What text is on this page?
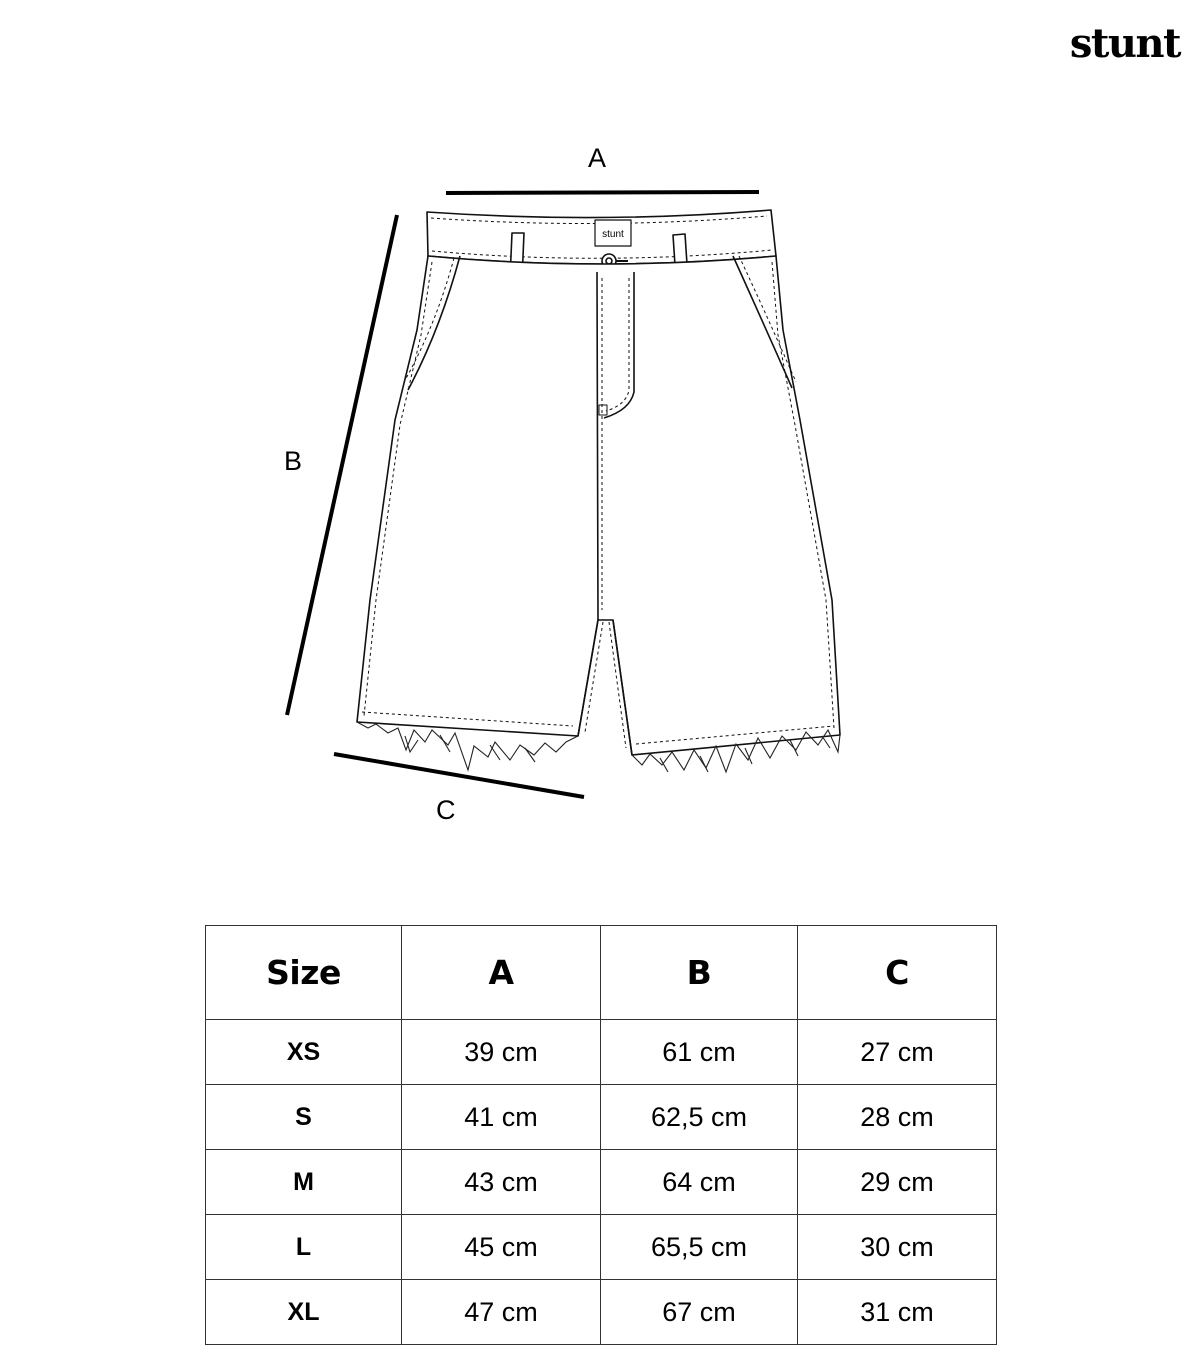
stunt
stunt
A
B
C
Size	A	B	C
XS	39 cm	61 cm	27 cm
S	41 cm	62,5 cm	28 cm
M	43 cm	64 cm	29 cm
L	45 cm	65,5 cm	30 cm
XL	47 cm	67 cm	31 cm
